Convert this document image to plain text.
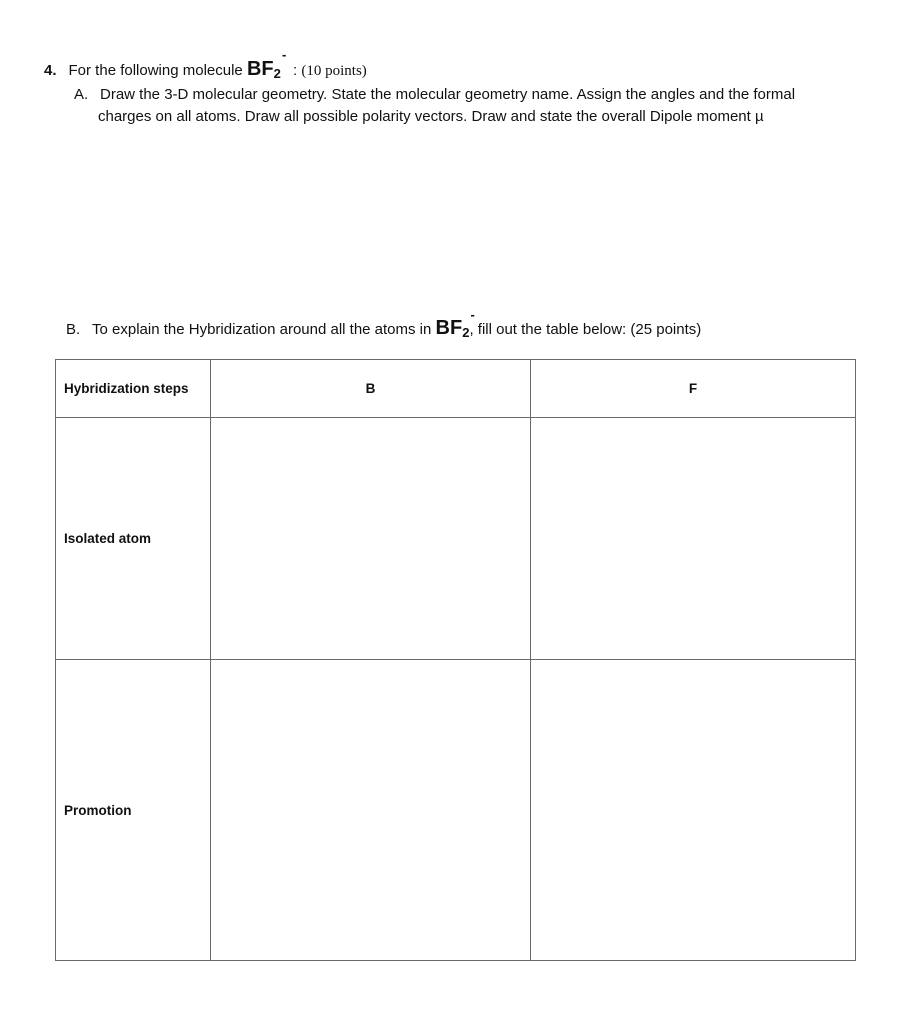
4. For the following molecule $BF_2$
-
: (10 points)
A. Draw the 3-D molecular geometry. State the molecular geometry name. Assign the angles and the formal
charges on all atoms. Draw all possible polarity vectors. Draw and state the overall Dipole moment µ
B. To explain the Hybridization around all the atoms in $BF_2$
-
, fill out the table below: (25 points)
Hybridization steps	B	F
Isolated atom		
Promotion		
